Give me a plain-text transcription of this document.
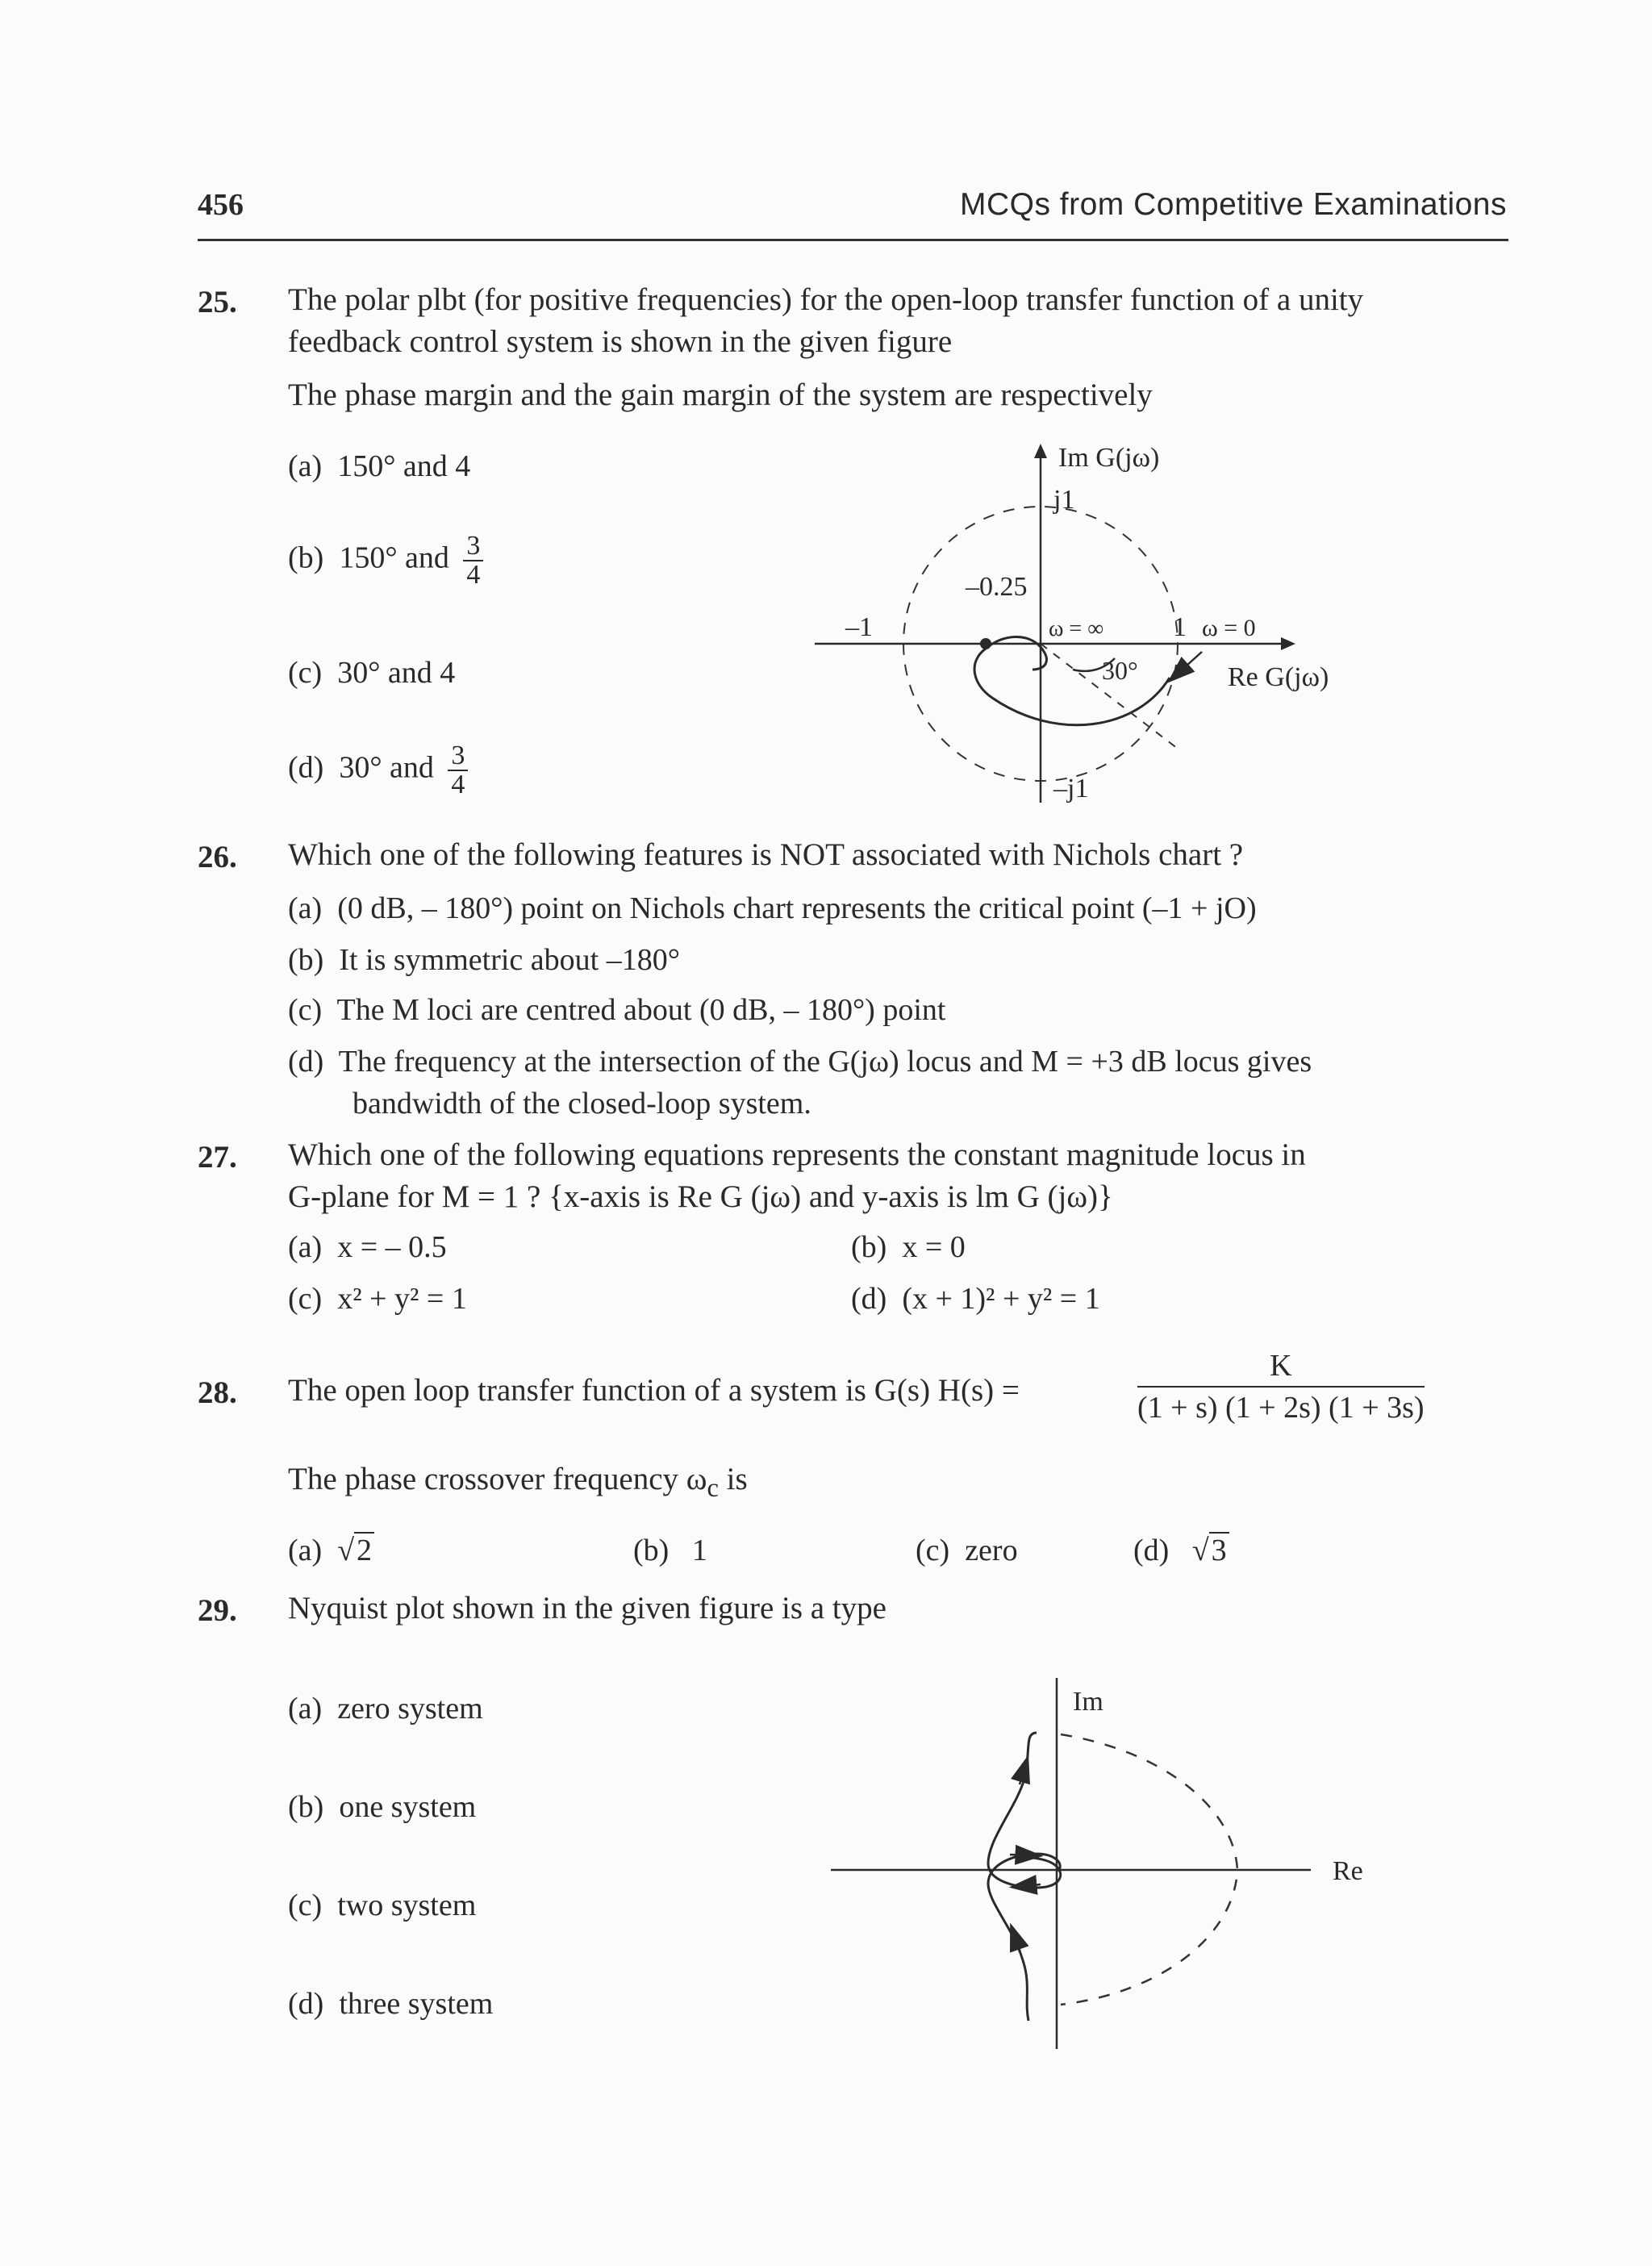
456	MCQs from Competitive Examinations
25. The polar plbt (for positive frequencies) for the open-loop transfer function of a unity
feedback control system is shown in the given figure
The phase margin and the gain margin of the system are respectively
(a) 150° and 4
(b) 150° and $\frac{3}{4}$
(c) 30° and 4
(d) 30° and $\frac{3}{4}$
Im G(jω)
j1
–j1
–1
–0.25
ω = ∞	1 ω = 0
30°	Re G(jω)
26. Which one of the following features is NOT associated with Nichols chart ?
(a) (0 dB, – 180°) point on Nichols chart represents the critical point (–1 + jO)
(b) It is symmetric about –180°
(c) The M loci are centred about (0 dB, – 180°) point
(d) The frequency at the intersection of the G(jω) locus and M = +3 dB locus gives
bandwidth of the closed-loop system.
27. Which one of the following equations represents the constant magnitude locus in
G-plane for M = 1 ? {x-axis is Re G (jω) and y-axis is lm G (jω)}
(a) x = – 0.5	(b) x = 0
(c) x² + y² = 1	(d) (x + 1)² + y² = 1
28. The open loop transfer function of a system is G(s) H(s) =
K
(1 + s) (1 + 2s) (1 + 3s)
The phase crossover frequency $\omega_c$ is
(a) √2	(b) 1	(c) zero	(d) √3
29. Nyquist plot shown in the given figure is a type
(a) zero system
(b) one system
(c) two system
(d) three system
Im
Re
